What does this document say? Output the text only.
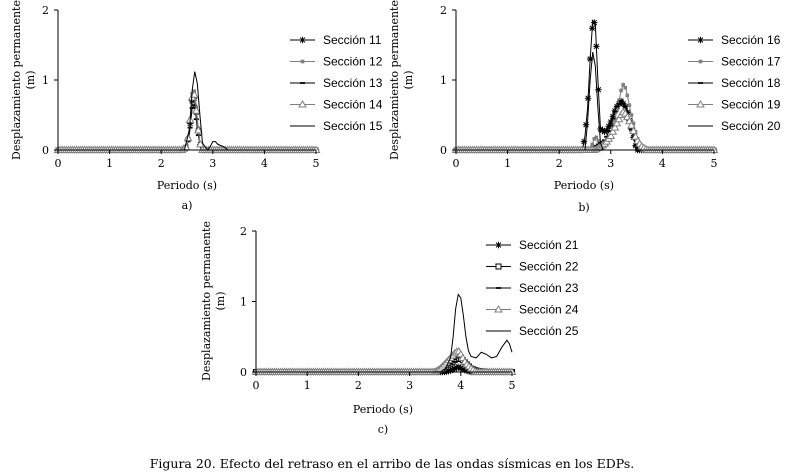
0
1
2
0	1	2	3	4	5
Desplazamiento permanente (m)
Periodo (s)
a)
Sección 11
Sección 12
Sección 13
Sección 14
Sección 15
0
1
2
0	1	2	3	4	5
Desplazamiento permanente (m)
Periodo (s)
b)
Sección 16
Sección 17
Sección 18
Sección 19
Sección 20
0
1
2
0	1	2	3	4	5
Desplazamiento permanente (m)
Periodo (s)
c)
Sección 21
Sección 22
Sección 23
Sección 24
Sección 25
Figura 20. Efecto del retraso en el arribo de las ondas sísmicas en los EDPs.
